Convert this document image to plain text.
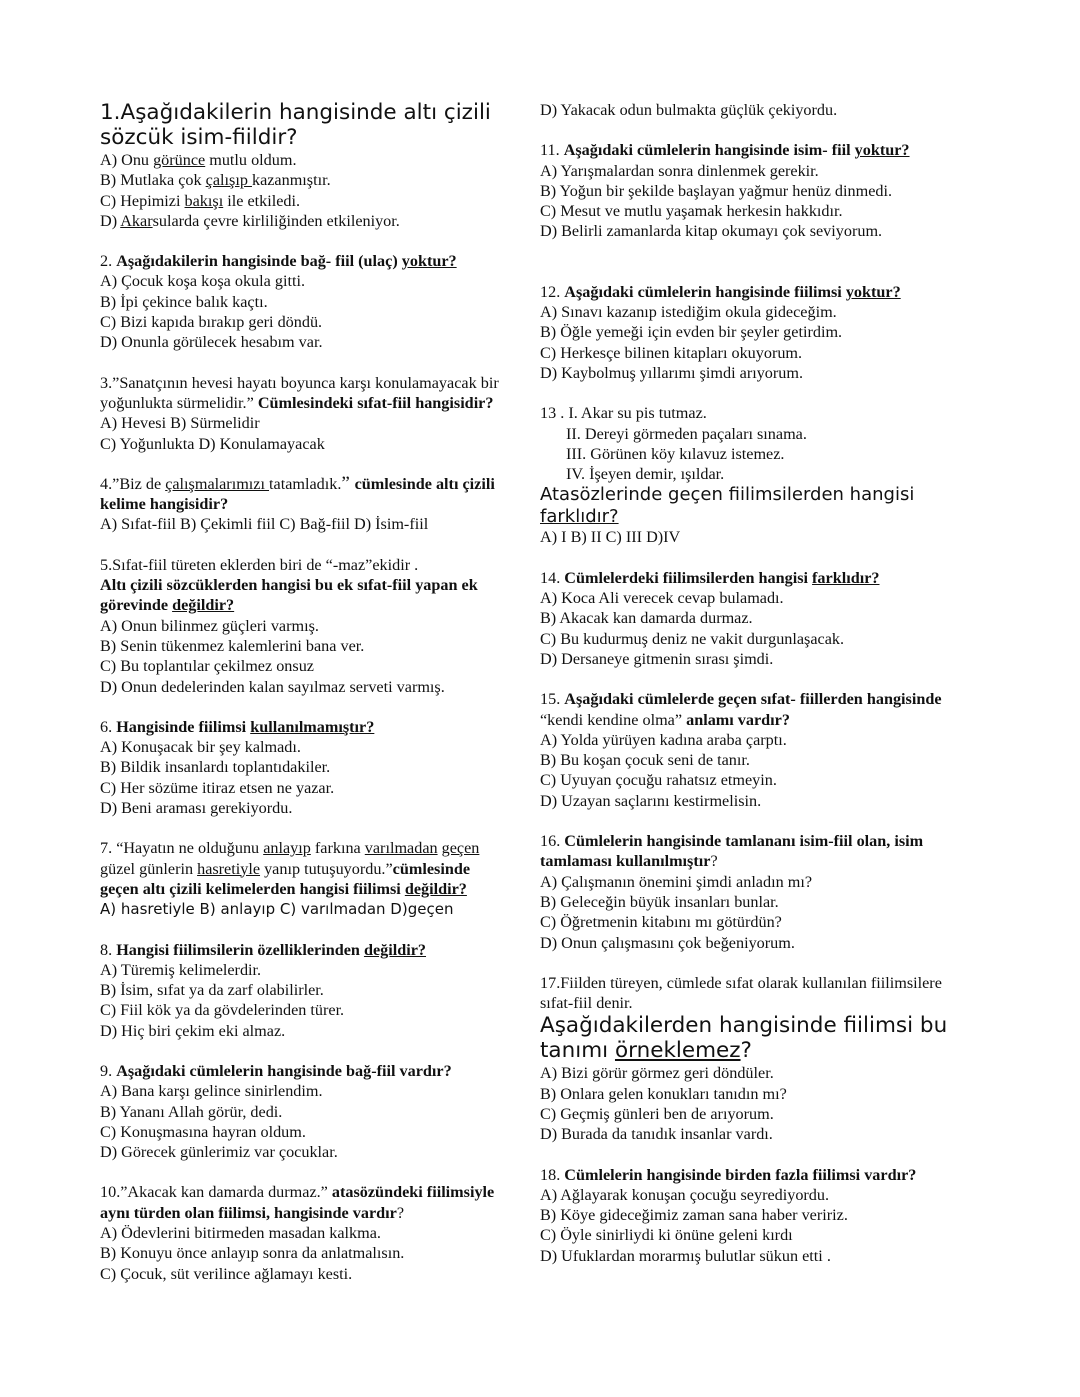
1.Aşağıdakilerin hangisinde altı çizili
sözcük isim-fiildir?
A) Onu görünce mutlu oldum.
B) Mutlaka çok çalışıp kazanmıştır.
C) Hepimizi bakışı ile etkiledi.
D) Akarsularda çevre kirliliğinden etkileniyor.
2. Aşağıdakilerin hangisinde bağ- fiil (ulaç) yoktur?
A) Çocuk koşa koşa okula gitti.
B) İpi çekince balık kaçtı.
C) Bizi kapıda bırakıp geri döndü.
D) Onunla görülecek hesabım var.
3.”Sanatçının hevesi hayatı boyunca karşı konulamayacak bir
yoğunlukta sürmelidir.” Cümlesindeki sıfat-fiil hangisidir?
A) Hevesi B) Sürmelidir
C) Yoğunlukta D) Konulamayacak
4.”Biz de çalışmalarımızı tatamladık.” cümlesinde altı çizili
kelime hangisidir?
A) Sıfat-fiil B) Çekimli fiil C) Bağ-fiil D) İsim-fiil
5.Sıfat-fiil türeten eklerden biri de “-maz”ekidir .
Altı çizili sözcüklerden hangisi bu ek sıfat-fiil yapan ek
görevinde değildir?
A) Onun bilinmez güçleri varmış.
B) Senin tükenmez kalemlerini bana ver.
C) Bu toplantılar çekilmez onsuz
D) Onun dedelerinden kalan sayılmaz serveti varmış.
6. Hangisinde fiilimsi kullanılmamıştır?
A) Konuşacak bir şey kalmadı.
B) Bildik insanlardı toplantıdakiler.
C) Her sözüme itiraz etsen ne yazar.
D) Beni araması gerekiyordu.
7. “Hayatın ne olduğunu anlayıp farkına varılmadan geçen
güzel günlerin hasretiyle yanıp tutuşuyordu.”cümlesinde
geçen altı çizili kelimelerden hangisi fiilimsi değildir?
A) hasretiyle B) anlayıp C) varılmadan D)geçen
8. Hangisi fiilimsilerin özelliklerinden değildir?
A) Türemiş kelimelerdir.
B) İsim, sıfat ya da zarf olabilirler.
C) Fiil kök ya da gövdelerinden türer.
D) Hiç biri çekim eki almaz.
9. Aşağıdaki cümlelerin hangisinde bağ-fiil vardır?
A) Bana karşı gelince sinirlendim.
B) Yananı Allah görür, dedi.
C) Konuşmasına hayran oldum.
D) Görecek günlerimiz var çocuklar.
10.”Akacak kan damarda durmaz.” atasözündeki fiilimsiyle
aynı türden olan fiilimsi, hangisinde vardır?
A) Ödevlerini bitirmeden masadan kalkma.
B) Konuyu önce anlayıp sonra da anlatmalısın.
C) Çocuk, süt verilince ağlamayı kesti.
D) Yakacak odun bulmakta güçlük çekiyordu.
11. Aşağıdaki cümlelerin hangisinde isim- fiil yoktur?
A) Yarışmalardan sonra dinlenmek gerekir.
B) Yoğun bir şekilde başlayan yağmur henüz dinmedi.
C) Mesut ve mutlu yaşamak herkesin hakkıdır.
D) Belirli zamanlarda kitap okumayı çok seviyorum.
12. Aşağıdaki cümlelerin hangisinde fiilimsi yoktur?
A) Sınavı kazanıp istediğim okula gideceğim.
B) Öğle yemeği için evden bir şeyler getirdim.
C) Herkesçe bilinen kitapları okuyorum.
D) Kaybolmuş yıllarımı şimdi arıyorum.
13 . I. Akar su pis tutmaz.
II. Dereyi görmeden paçaları sınama.
III. Görünen köy kılavuz istemez.
IV. İşeyen demir, ışıldar.
Atasözlerinde geçen fiilimsilerden hangisi
farklıdır?
A) I B) II C) III D)IV
14. Cümlelerdeki fiilimsilerden hangisi farklıdır?
A) Koca Ali verecek cevap bulamadı.
B) Akacak kan damarda durmaz.
C) Bu kudurmuş deniz ne vakit durgunlaşacak.
D) Dersaneye gitmenin sırası şimdi.
15. Aşağıdaki cümlelerde geçen sıfat- fiillerden hangisinde
“kendi kendine olma” anlamı vardır?
A) Yolda yürüyen kadına araba çarptı.
B) Bu koşan çocuk seni de tanır.
C) Uyuyan çocuğu rahatsız etmeyin.
D) Uzayan saçlarını kestirmelisin.
16. Cümlelerin hangisinde tamlananı isim-fiil olan, isim
tamlaması kullanılmıştır?
A) Çalışmanın önemini şimdi anladın mı?
B) Geleceğin büyük insanları bunlar.
C) Öğretmenin kitabını mı götürdün?
D) Onun çalışmasını çok beğeniyorum.
17.Fiilden türeyen, cümlede sıfat olarak kullanılan fiilimsilere
sıfat-fiil denir.
Aşağıdakilerden hangisinde fiilimsi bu
tanımı örneklemez?
A) Bizi görür görmez geri döndüler.
B) Onlara gelen konukları tanıdın mı?
C) Geçmiş günleri ben de arıyorum.
D) Burada da tanıdık insanlar vardı.
18. Cümlelerin hangisinde birden fazla fiilimsi vardır?
A) Ağlayarak konuşan çocuğu seyrediyordu.
B) Köye gideceğimiz zaman sana haber veririz.
C) Öyle sinirliydi ki önüne geleni kırdı
D) Ufuklardan morarmış bulutlar sükun etti .
